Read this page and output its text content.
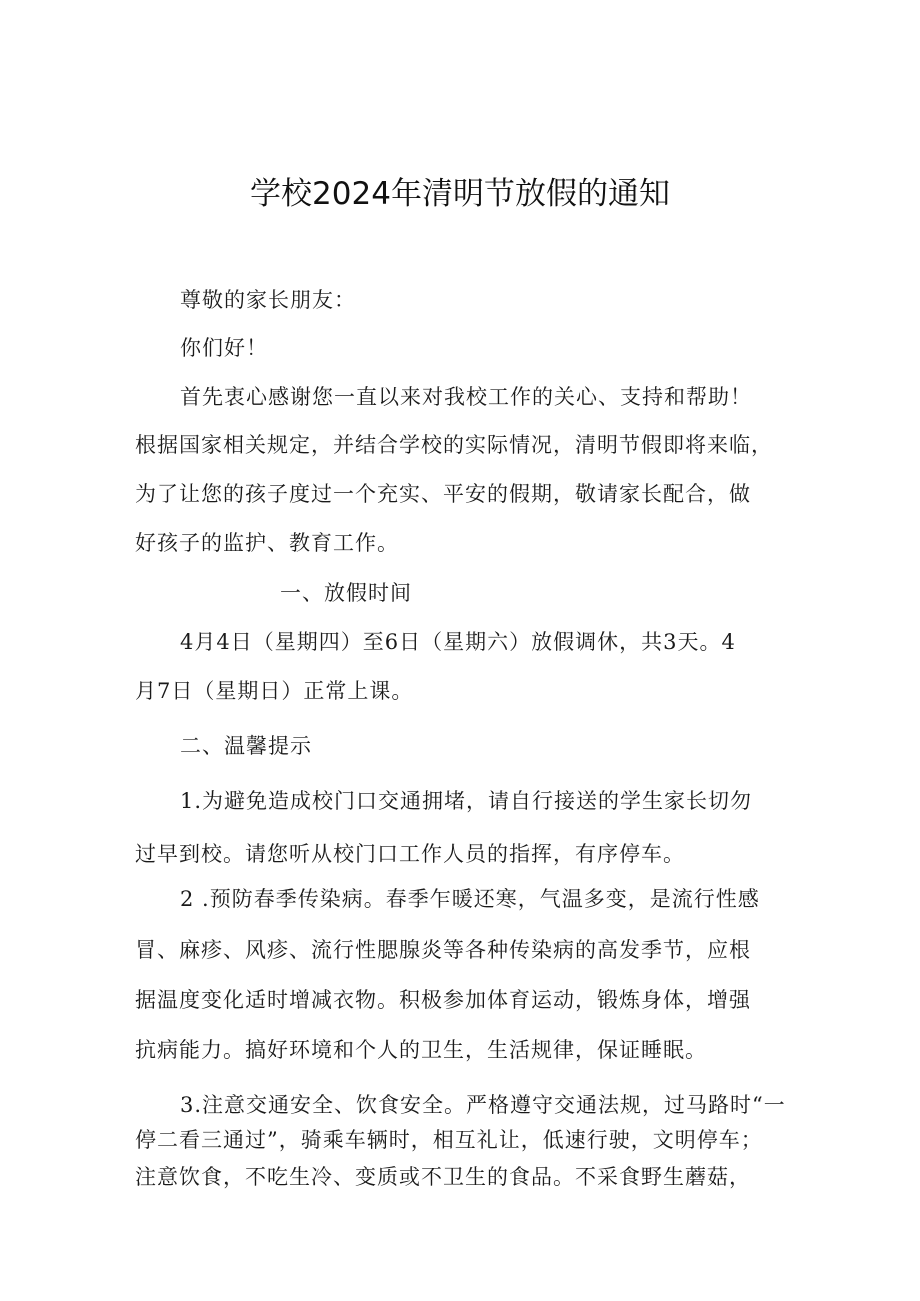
学校2024年清明节放假的通知
尊敬的家长朋友：
你们好！
首先衷心感谢您一直以来对我校工作的关心、支持和帮助！
根据国家相关规定，并结合学校的实际情况，清明节假即将来临，
为了让您的孩子度过一个充实、平安的假期，敬请家长配合，做
好孩子的监护、教育工作。
一、放假时间
4月4日（星期四）至6日（星期六）放假调休，共3天。4
月7日（星期日）正常上课。
二、温馨提示
1.为避免造成校门口交通拥堵，请自行接送的学生家长切勿
过早到校。请您听从校门口工作人员的指挥，有序停车。
2 .预防春季传染病。春季乍暖还寒，气温多变，是流行性感
冒、麻疹、风疹、流行性腮腺炎等各种传染病的高发季节，应根
据温度变化适时增减衣物。积极参加体育运动，锻炼身体，增强
抗病能力。搞好环境和个人的卫生，生活规律，保证睡眠。
3.注意交通安全、饮食安全。严格遵守交通法规，过马路时“一
停二看三通过”，骑乘车辆时，相互礼让，低速行驶，文明停车；
注意饮食，不吃生冷、变质或不卫生的食品。不采食野生蘑菇，
